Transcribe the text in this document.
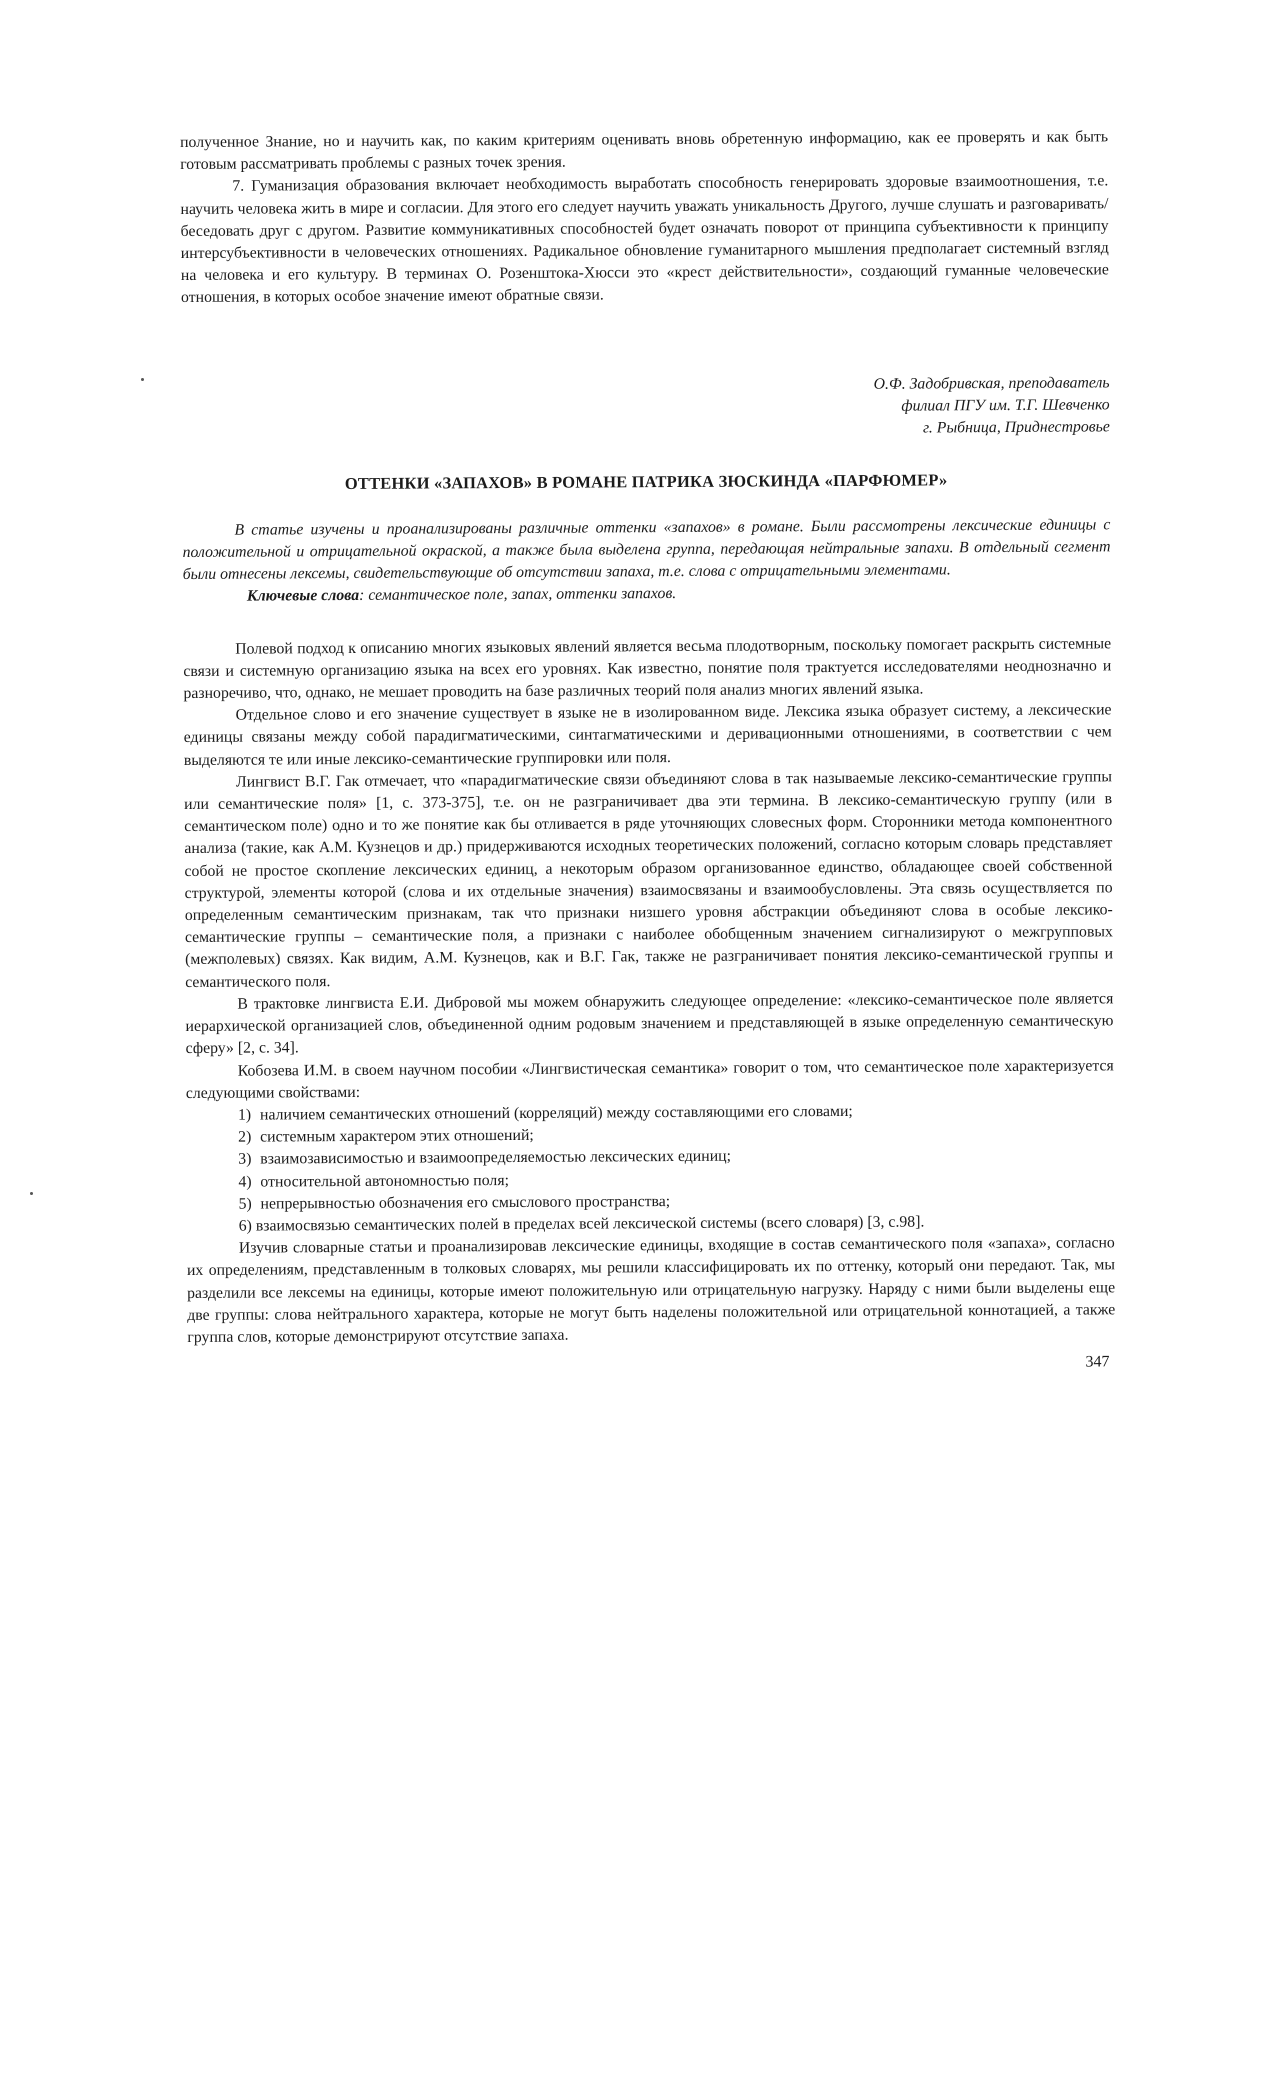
полученное Знание, но и научить как, по каким критериям оценивать вновь обретенную информацию, как ее проверять и как быть готовым рассматривать проблемы с разных точек зрения.

7. Гуманизация образования включает необходимость выработать способность генерировать здоровые взаимоотношения, т.е. научить человека жить в мире и согласии. Для этого его следует научить уважать уникальность Другого, лучше слушать и разговаривать/беседовать друг с другом. Развитие коммуникативных способностей будет означать поворот от принципа субъективности к принципу интерсубъективности в человеческих отношениях. Радикальное обновление гуманитарного мышления предполагает системный взгляд на человека и его культуру. В терминах О. Розенштока-Хюсси это «крест действительности», создающий гуманные человеческие отношения, в которых особое значение имеют обратные связи.

О.Ф. Задобривская, преподаватель
филиал ПГУ им. Т.Г. Шевченко
г. Рыбница, Приднестровье
ОТТЕНКИ «ЗАПАХОВ» В РОМАНЕ ПАТРИКА ЗЮСКИНДА «ПАРФЮМЕР»

В статье изучены и проанализированы различные оттенки «запахов» в романе. Были рассмотрены лексические единицы с положительной и отрицательной окраской, а также была выделена группа, передающая нейтральные запахи. В отдельный сегмент были отнесены лексемы, свидетельствующие об отсутствии запаха, т.е. слова с отрицательными элементами.

Ключевые слова: семантическое поле, запах, оттенки запахов.

Полевой подход к описанию многих языковых явлений является весьма плодотворным, поскольку помогает раскрыть системные связи и системную организацию языка на всех его уровнях. Как известно, понятие поля трактуется исследователями неоднозначно и разноречиво, что, однако, не мешает проводить на базе различных теорий поля анализ многих явлений языка.

Отдельное слово и его значение существует в языке не в изолированном виде. Лексика языка образует систему, а лексические единицы связаны между собой парадигматическими, синтагматическими и деривационными отношениями, в соответствии с чем выделяются те или иные лексико-семантические группировки или поля.

Лингвист В.Г. Гак отмечает, что «парадигматические связи объединяют слова в так называемые лексико-семантические группы или семантические поля» [1, с. 373-375], т.е. он не разграничивает два эти термина. В лексико-семантическую группу (или в семантическом поле) одно и то же понятие как бы отливается в ряде уточняющих словесных форм. Сторонники метода компонентного анализа (такие, как А.М. Кузнецов и др.) придерживаются исходных теоретических положений, согласно которым словарь представляет собой не простое скопление лексических единиц, а некоторым образом организованное единство, обладающее своей собственной структурой, элементы которой (слова и их отдельные значения) взаимосвязаны и взаимообусловлены. Эта связь осуществляется по определенным семантическим признакам, так что признаки низшего уровня абстракции объединяют слова в особые лексико-семантические группы – семантические поля, а признаки с наиболее обобщенным значением сигнализируют о межгрупповых (межполевых) связях. Как видим, А.М. Кузнецов, как и В.Г. Гак, также не разграничивает понятия лексико-семантической группы и семантического поля.

В трактовке лингвиста Е.И. Дибровой мы можем обнаружить следующее определение: «лексико-семантическое поле является иерархической организацией слов, объединенной одним родовым значением и представляющей в языке определенную семантическую сферу» [2, с. 34].

Кобозева И.М. в своем научном пособии «Лингвистическая семантика» говорит о том, что семантическое поле характеризуется следующими свойствами:

1) наличием семантических отношений (корреляций) между составляющими его словами;
2) системным характером этих отношений;
3) взаимозависимостью и взаимоопределяемостью лексических единиц;
4) относительной автономностью поля;
5) непрерывностью обозначения его смыслового пространства;
6) взаимосвязью семантических полей в пределах всей лексической системы (всего словаря) [3, с.98].

Изучив словарные статьи и проанализировав лексические единицы, входящие в состав семантического поля «запаха», согласно их определениям, представленным в толковых словарях, мы решили классифицировать их по оттенку, который они передают. Так, мы разделили все лексемы на единицы, которые имеют положительную или отрицательную нагрузку. Наряду с ними были выделены еще две группы: слова нейтрального характера, которые не могут быть наделены положительной или отрицательной коннотацией, а также группа слов, которые демонстрируют отсутствие запаха.

347
